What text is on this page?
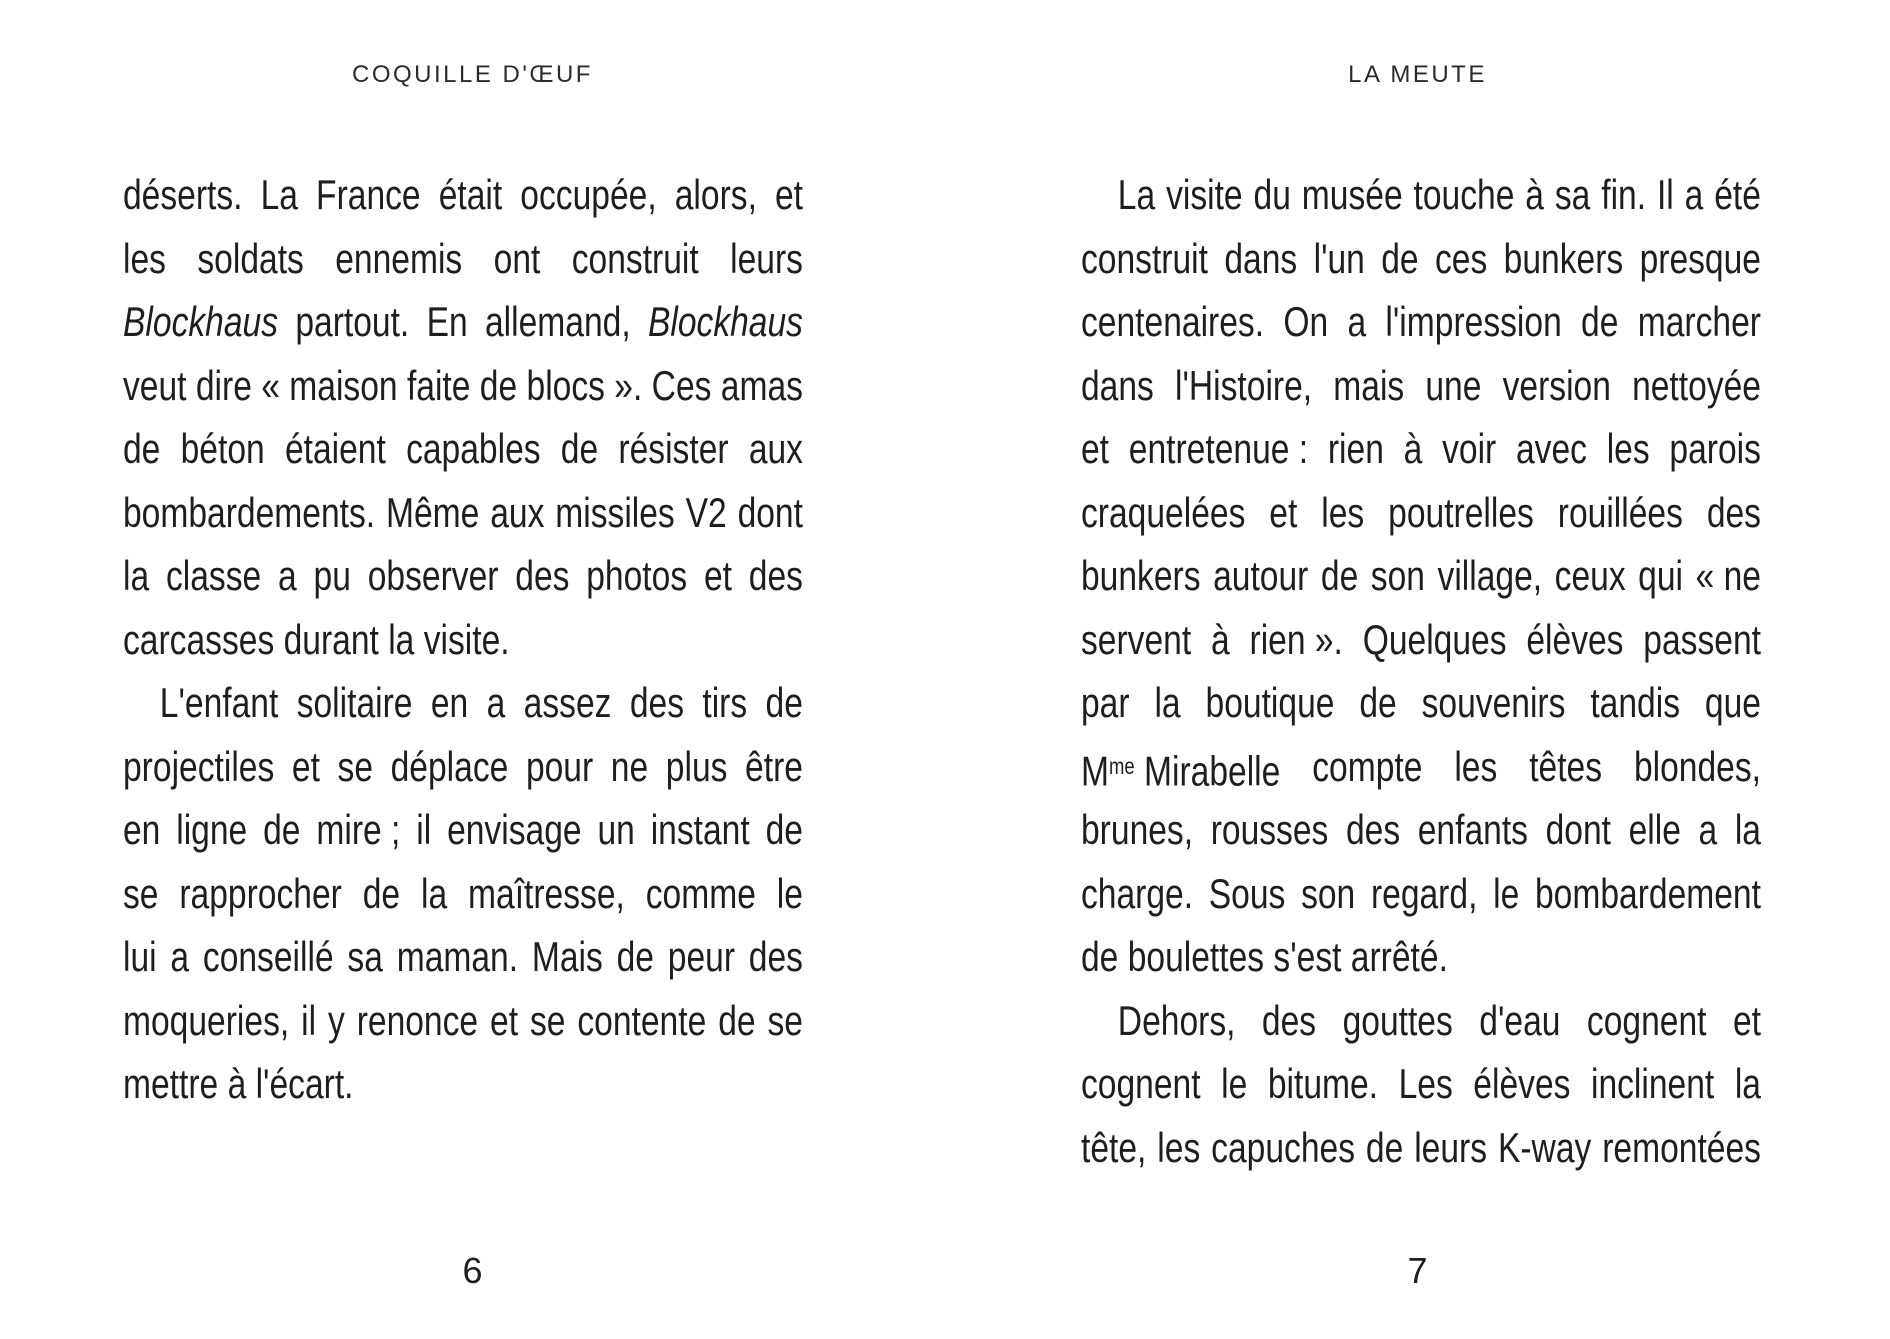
COQUILLE D'ŒUF
déserts. La France était occupée, alors, et
les soldats ennemis ont construit leurs
Blockhaus partout. En allemand, Blockhaus
veut dire « maison faite de blocs ». Ces amas
de béton étaient capables de résister aux
bombardements. Même aux missiles V2 dont
la classe a pu observer des photos et des
carcasses durant la visite.
L'enfant solitaire en a assez des tirs de
projectiles et se déplace pour ne plus être
en ligne de mire ; il envisage un instant de
se rapprocher de la maîtresse, comme le
lui a conseillé sa maman. Mais de peur des
moqueries, il y renonce et se contente de se
mettre à l'écart.
6
LA MEUTE
La visite du musée touche à sa fin. Il a été
construit dans l'un de ces bunkers presque
centenaires. On a l'impression de marcher
dans l'Histoire, mais une version nettoyée
et entretenue : rien à voir avec les parois
craquelées et les poutrelles rouillées des
bunkers autour de son village, ceux qui « ne
servent à rien ». Quelques élèves passent
par la boutique de souvenirs tandis que
$M^{me}$ Mirabelle compte les têtes blondes,
brunes, rousses des enfants dont elle a la
charge. Sous son regard, le bombardement
de boulettes s'est arrêté.
Dehors, des gouttes d'eau cognent et
cognent le bitume. Les élèves inclinent la
tête, les capuches de leurs K-way remontées
7
